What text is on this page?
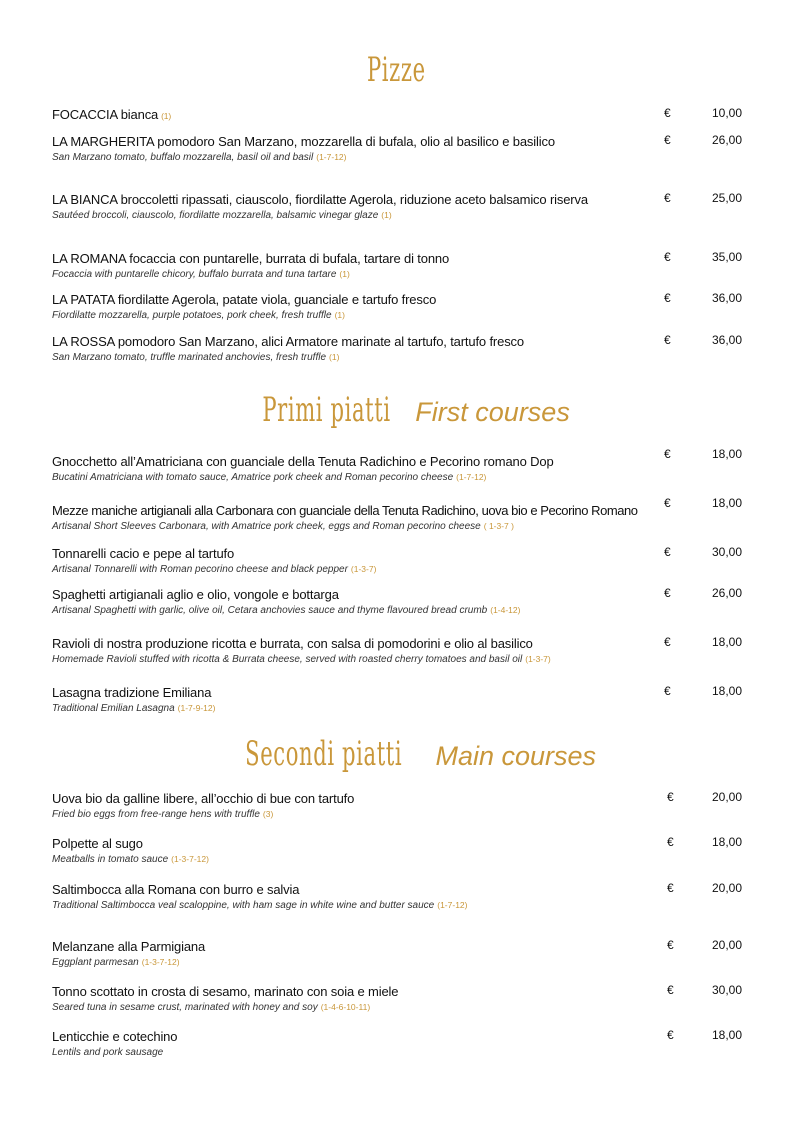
Pizze
Primi piatti First courses
Secondi piatti Main courses
FOCACCIA bianca (1)	€	10,00
LA MARGHERITA pomodoro San Marzano, mozzarella di bufala, olio al basilico e basilico
San Marzano tomato, buffalo mozzarella, basil oil and basil (1-7-12)
€	26,00
LA BIANCA broccoletti ripassati, ciauscolo, fiordilatte Agerola, riduzione aceto balsamico riserva
Sautéed broccoli, ciauscolo, fiordilatte mozzarella, balsamic vinegar glaze (1)
€	25,00
LA ROMANA focaccia con puntarelle, burrata di bufala, tartare di tonno
Focaccia with puntarelle chicory, buffalo burrata and tuna tartare (1)
€	35,00
LA PATATA fiordilatte Agerola, patate viola, guanciale e tartufo fresco
Fiordilatte mozzarella, purple potatoes, pork cheek, fresh truffle (1)
€	36,00
LA ROSSA pomodoro San Marzano, alici Armatore marinate al tartufo, tartufo fresco
San Marzano tomato, truffle marinated anchovies, fresh truffle (1)
€	36,00
Gnocchetto all’Amatriciana con guanciale della Tenuta Radichino e Pecorino romano Dop
Bucatini Amatriciana with tomato sauce, Amatrice pork cheek and Roman pecorino cheese (1-7-12)
€	18,00
Mezze maniche artigianali alla Carbonara con guanciale della Tenuta Radichino, uova bio e Pecorino Romano
Artisanal Short Sleeves Carbonara, with Amatrice pork cheek, eggs and Roman pecorino cheese ( 1-3-7 )
€	18,00
Tonnarelli cacio e pepe al tartufo
Artisanal Tonnarelli with Roman pecorino cheese and black pepper (1-3-7)
€	30,00
Spaghetti artigianali aglio e olio, vongole e bottarga
Artisanal Spaghetti with garlic, olive oil, Cetara anchovies sauce and thyme flavoured bread crumb (1-4-12)
€	26,00
Ravioli di nostra produzione ricotta e burrata, con salsa di pomodorini e olio al basilico
Homemade Ravioli stuffed with ricotta & Burrata cheese, served with roasted cherry tomatoes and basil oil (1-3-7)
€	18,00
Lasagna tradizione Emiliana
Traditional Emilian Lasagna (1-7-9-12)
€	18,00
Uova bio da galline libere, all’occhio di bue con tartufo
Fried bio eggs from free-range hens with truffle (3)
€	20,00
Polpette al sugo
Meatballs in tomato sauce (1-3-7-12)
€	18,00
Saltimbocca alla Romana con burro e salvia
Traditional Saltimbocca veal scaloppine, with ham sage in white wine and butter sauce (1-7-12)
€	20,00
Melanzane alla Parmigiana
Eggplant parmesan (1-3-7-12)
€	20,00
Tonno scottato in crosta di sesamo, marinato con soia e miele
Seared tuna in sesame crust, marinated with honey and soy (1-4-6-10-11)
€	30,00
Lenticchie e cotechino
Lentils and pork sausage
€	18,00
